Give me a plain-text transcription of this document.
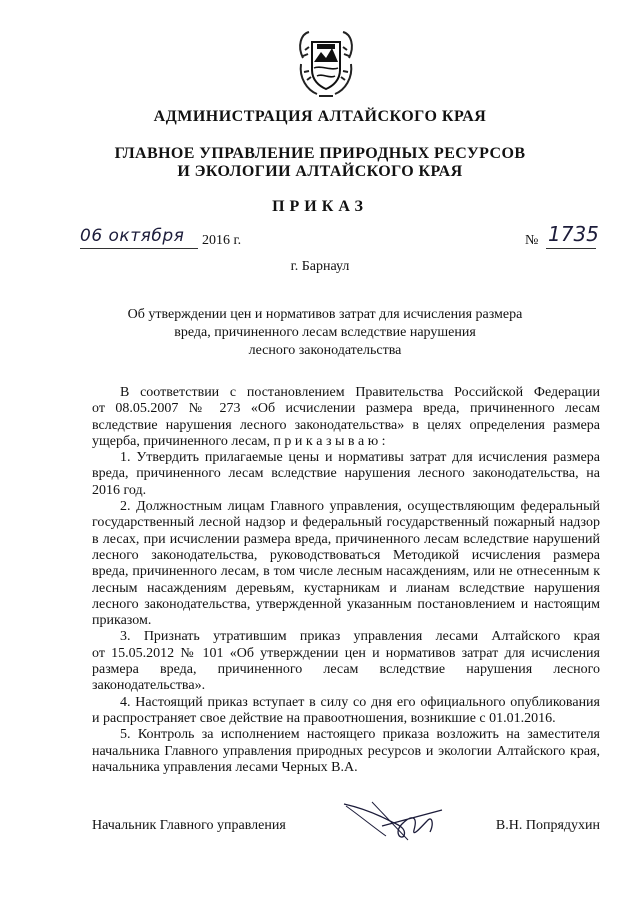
АДМИНИСТРАЦИЯ АЛТАЙСКОГО КРАЯ
ГЛАВНОЕ УПРАВЛЕНИЕ ПРИРОДНЫХ РЕСУРСОВ
И ЭКОЛОГИИ АЛТАЙСКОГО КРАЯ
ПРИКАЗ
06 октября 2016 г.	№ 1735
г. Барнаул
Об утверждении цен и нормативов затрат для исчисления размера
вреда, причиненного лесам вследствие нарушения
лесного законодательства
В соответствии с постановлением Правительства Российской Федерации
от 08.05.2007 № 273 «Об исчислении размера вреда, причиненного лесам
вследствие нарушения лесного законодательства» в целях определения размера
ущерба, причиненного лесам, п р и к а з ы в а ю :
1. Утвердить прилагаемые цены и нормативы затрат для исчисления размера
вреда, причиненного лесам вследствие нарушения лесного законодательства, на
2016 год.
2. Должностным лицам Главного управления, осуществляющим федеральный
государственный лесной надзор и федеральный государственный пожарный надзор
в лесах, при исчислении размера вреда, причиненного лесам вследствие нарушений
лесного законодательства, руководствоваться Методикой исчисления размера
вреда, причиненного лесам, в том числе лесным насаждениям, или не отнесенным к
лесным насаждениям деревьям, кустарникам и лианам вследствие нарушения
лесного законодательства, утвержденной указанным постановлением и настоящим
приказом.
3. Признать утратившим приказ управления лесами Алтайского края
от 15.05.2012 № 101 «Об утверждении цен и нормативов затрат для исчисления
размера вреда, причиненного лесам вследствие нарушения лесного
законодательства».
4. Настоящий приказ вступает в силу со дня его официального опубликования
и распространяет свое действие на правоотношения, возникшие с 01.01.2016.
5. Контроль за исполнением настоящего приказа возложить на заместителя
начальника Главного управления природных ресурсов и экологии Алтайского края,
начальника управления лесами Черных В.А.
Начальник Главного управления	В.Н. Попрядухин
